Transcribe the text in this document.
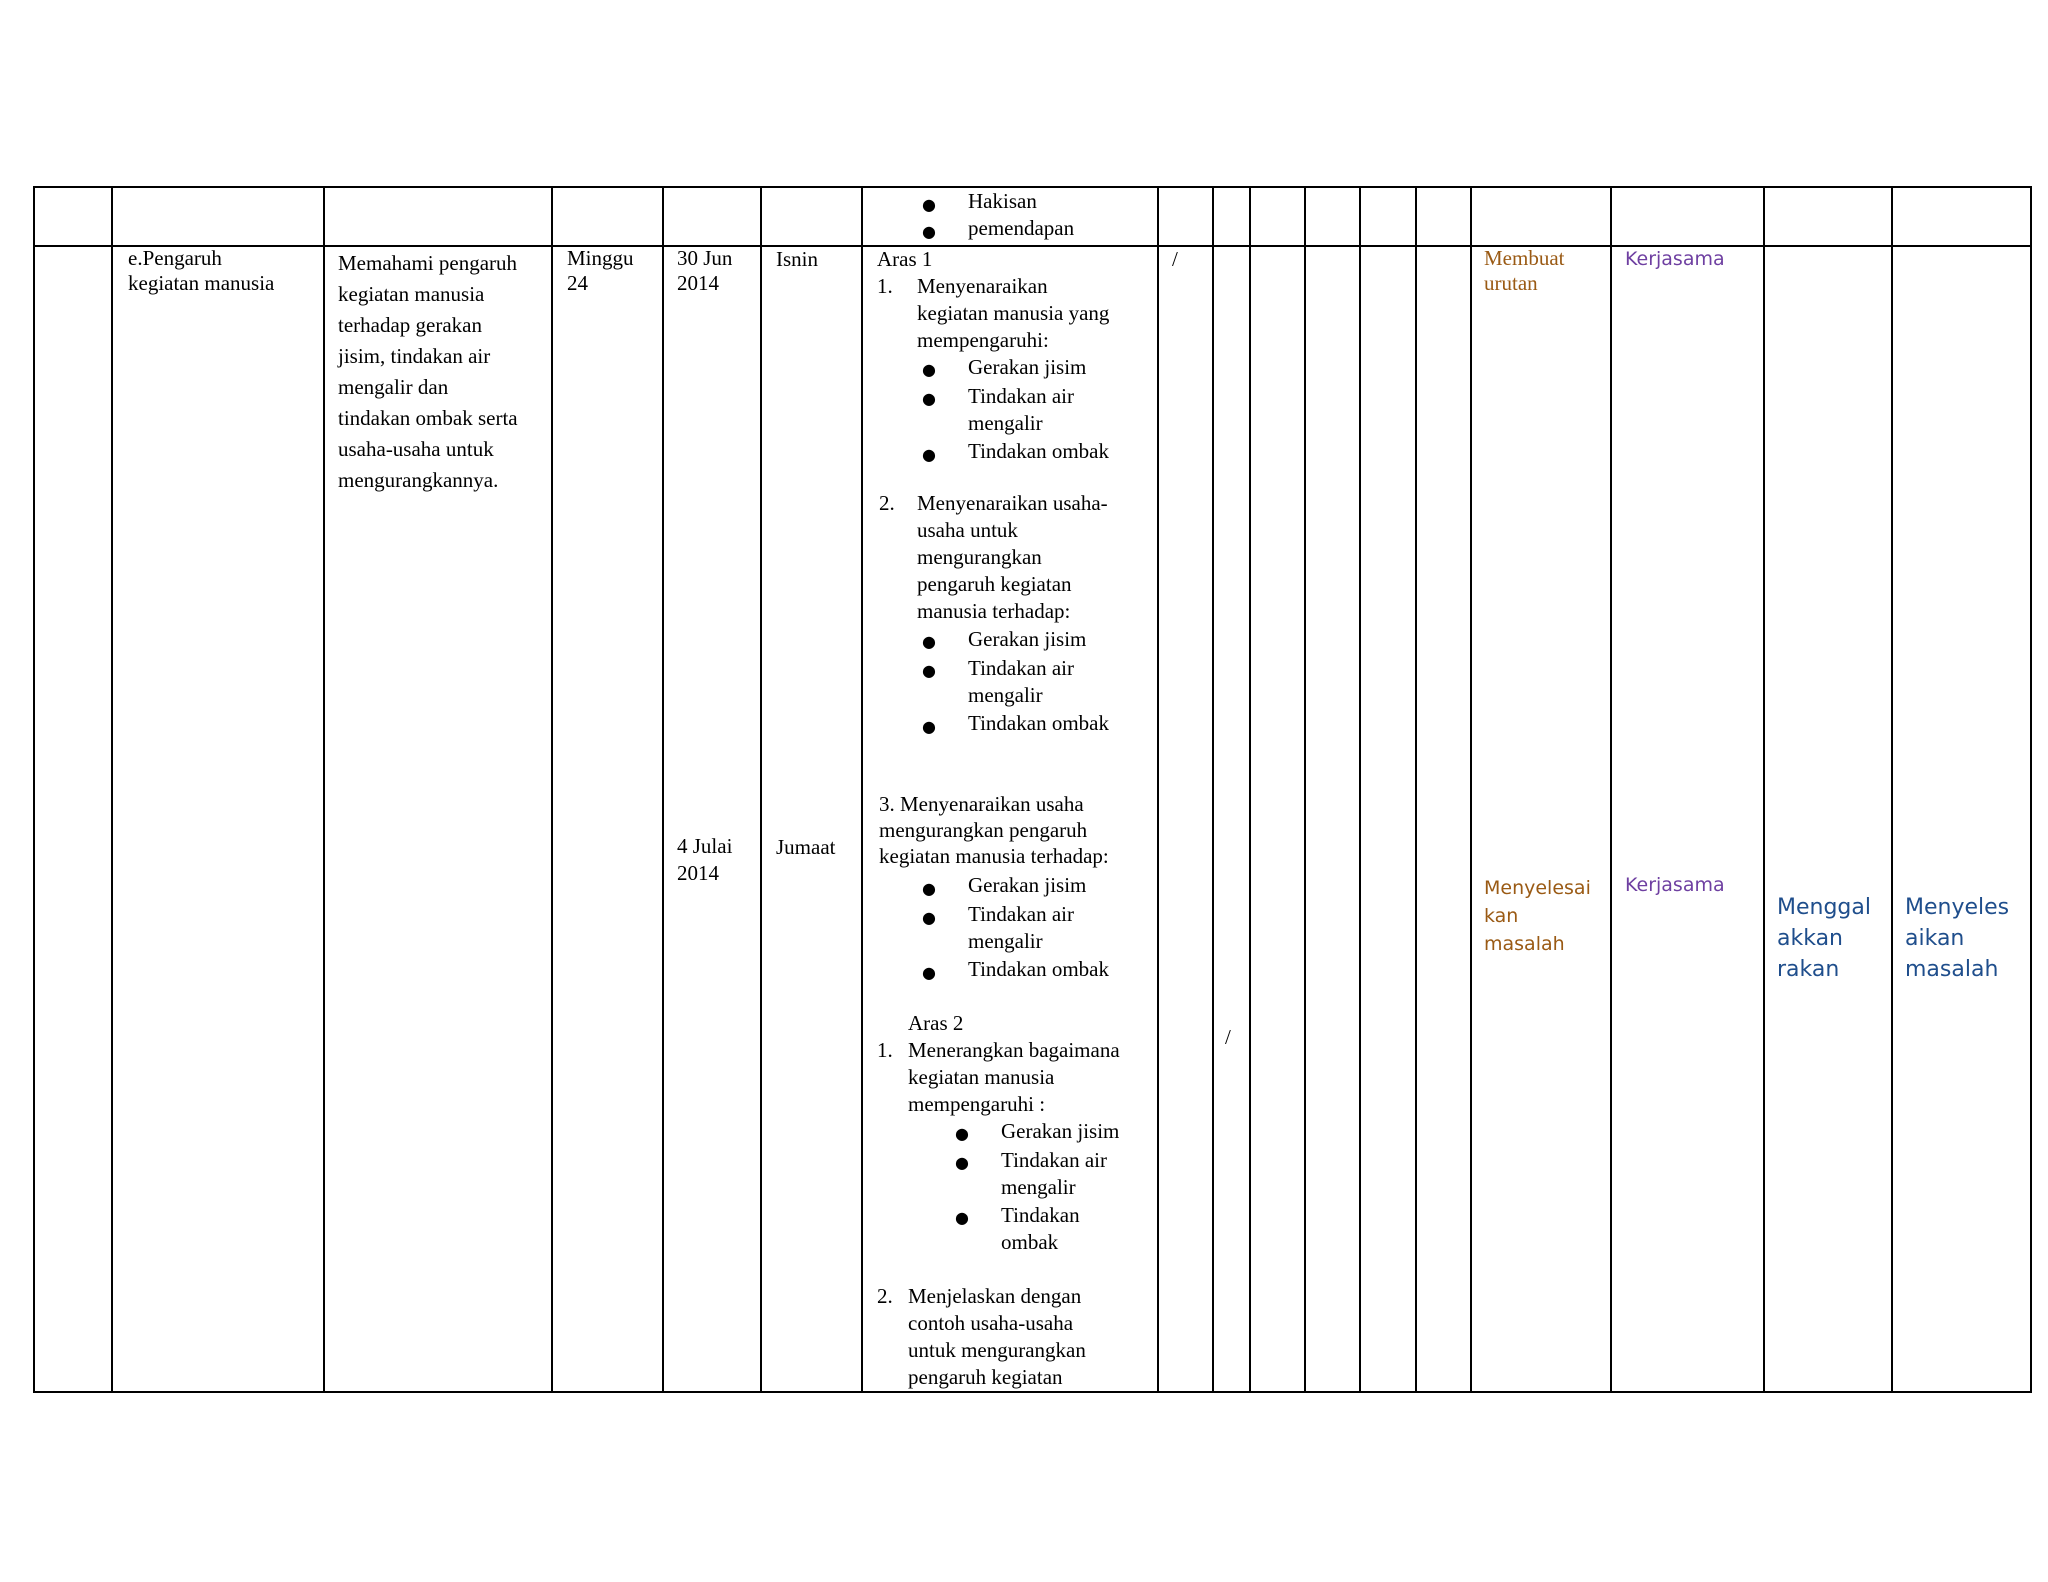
● Hakisan
● pemendapan
e.Pengaruh
kegiatan manusia
Memahami pengaruh
kegiatan manusia
terhadap gerakan
jisim, tindakan air
mengalir dan
tindakan ombak serta
usaha-usaha untuk
mengurangkannya.
Minggu
24
30 Jun
2014
Isnin
4 Julai
2014
Jumaat
Aras 1
1. Menyenaraikan
kegiatan manusia yang
mempengaruhi:
● Gerakan jisim
● Tindakan air
mengalir
● Tindakan ombak
2. Menyenaraikan usaha-
usaha untuk
mengurangkan
pengaruh kegiatan
manusia terhadap:
● Gerakan jisim
● Tindakan air
mengalir
● Tindakan ombak
3. Menyenaraikan usaha
mengurangkan pengaruh
kegiatan manusia terhadap:
● Gerakan jisim
● Tindakan air
mengalir
● Tindakan ombak
Aras 2
1. Menerangkan bagaimana
kegiatan manusia
mempengaruhi :
● Gerakan jisim
● Tindakan air
mengalir
● Tindakan
ombak
2. Menjelaskan dengan
contoh usaha-usaha
untuk mengurangkan
pengaruh kegiatan
/
/
Membuat
urutan
Kerjasama
Menyelesai
kan
masalah
Kerjasama
Menggal
akkan
rakan
Menyeles
aikan
masalah
